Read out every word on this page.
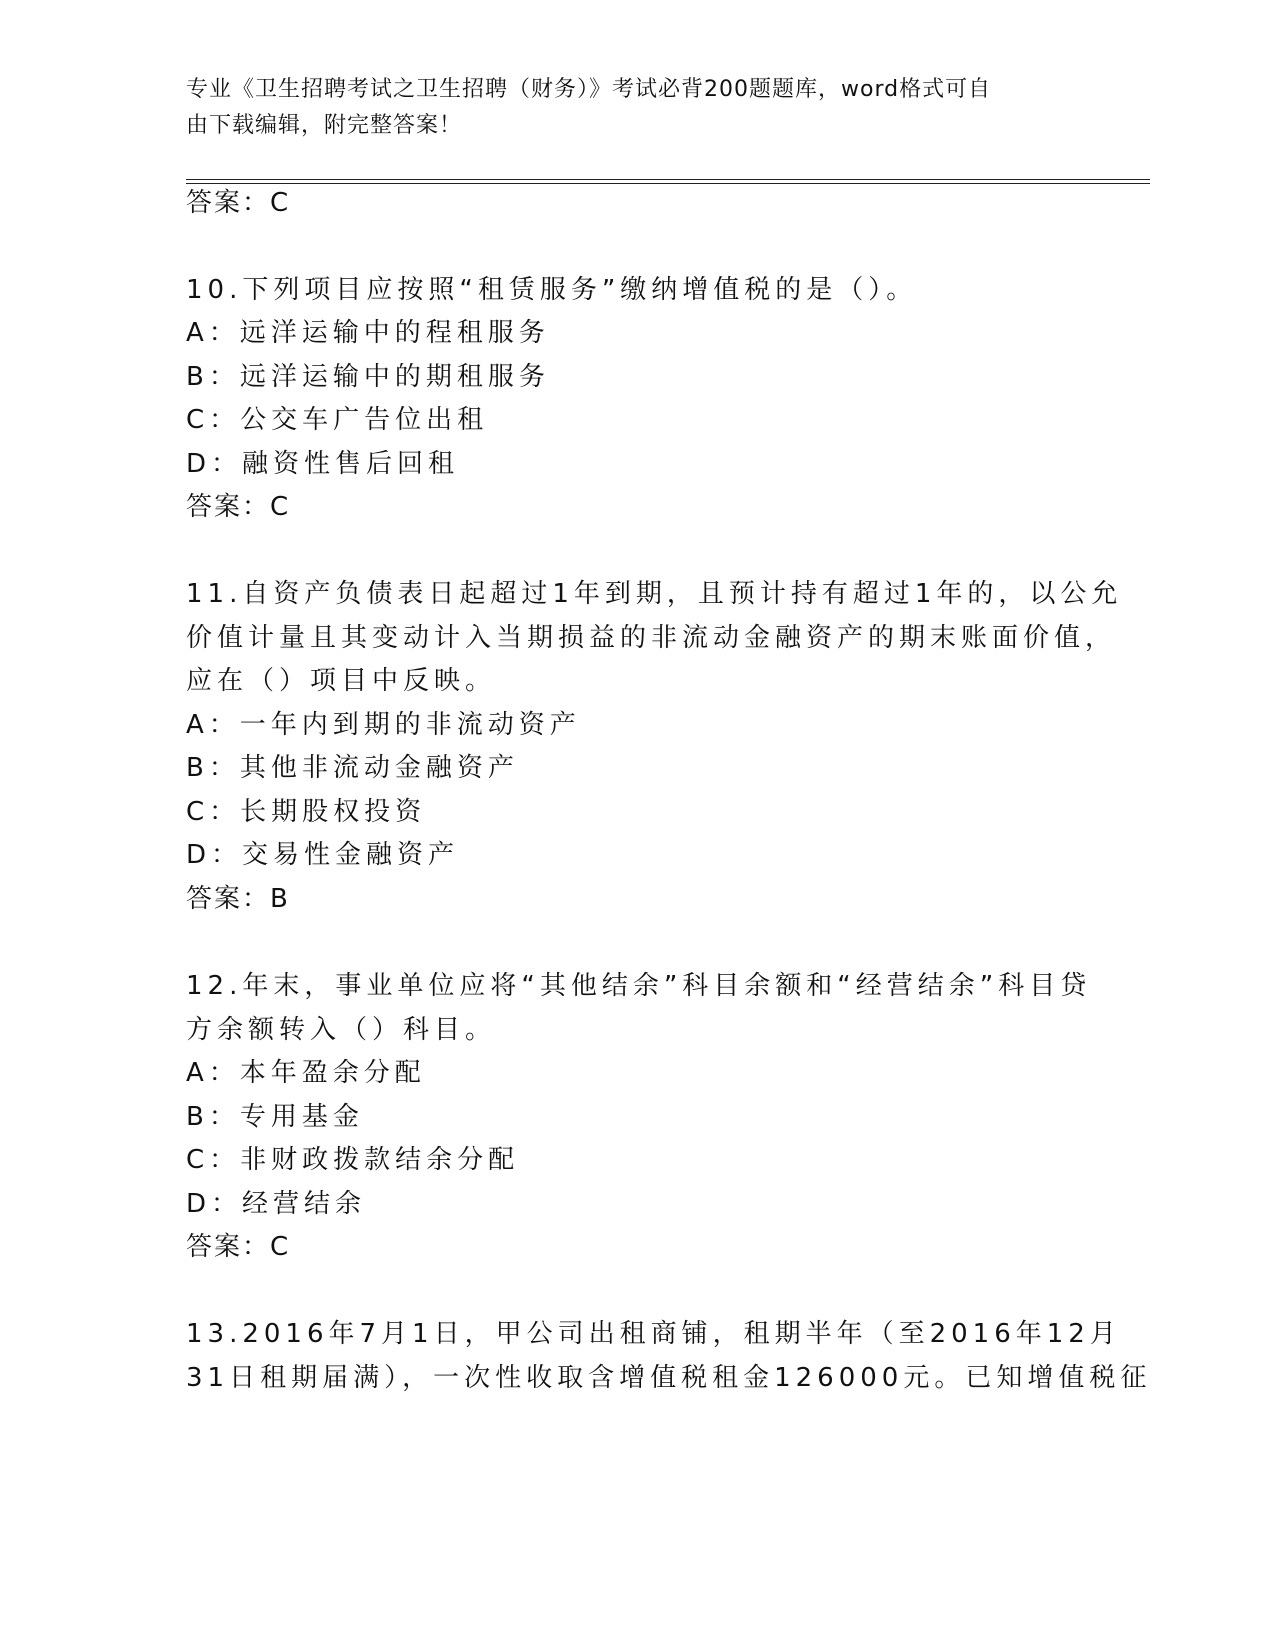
专业《卫生招聘考试之卫生招聘（财务）》考试必背200题题库，word格式可自
由下载编辑，附完整答案！
答案：C
10.下列项目应按照“租赁服务”缴纳增值税的是（）。
A：远洋运输中的程租服务
B：远洋运输中的期租服务
C：公交车广告位出租
D：融资性售后回租
答案：C
11.自资产负债表日起超过1年到期，且预计持有超过1年的，以公允
价值计量且其变动计入当期损益的非流动金融资产的期末账面价值，
应在（）项目中反映。
A：一年内到期的非流动资产
B：其他非流动金融资产
C：长期股权投资
D：交易性金融资产
答案：B
12.年末，事业单位应将“其他结余”科目余额和“经营结余”科目贷
方余额转入（）科目。
A：本年盈余分配
B：专用基金
C：非财政拨款结余分配
D：经营结余
答案：C
13.2016年7月1日，甲公司出租商铺，租期半年（至2016年12月
31日租期届满），一次性收取含增值税租金126000元。已知增值税征
